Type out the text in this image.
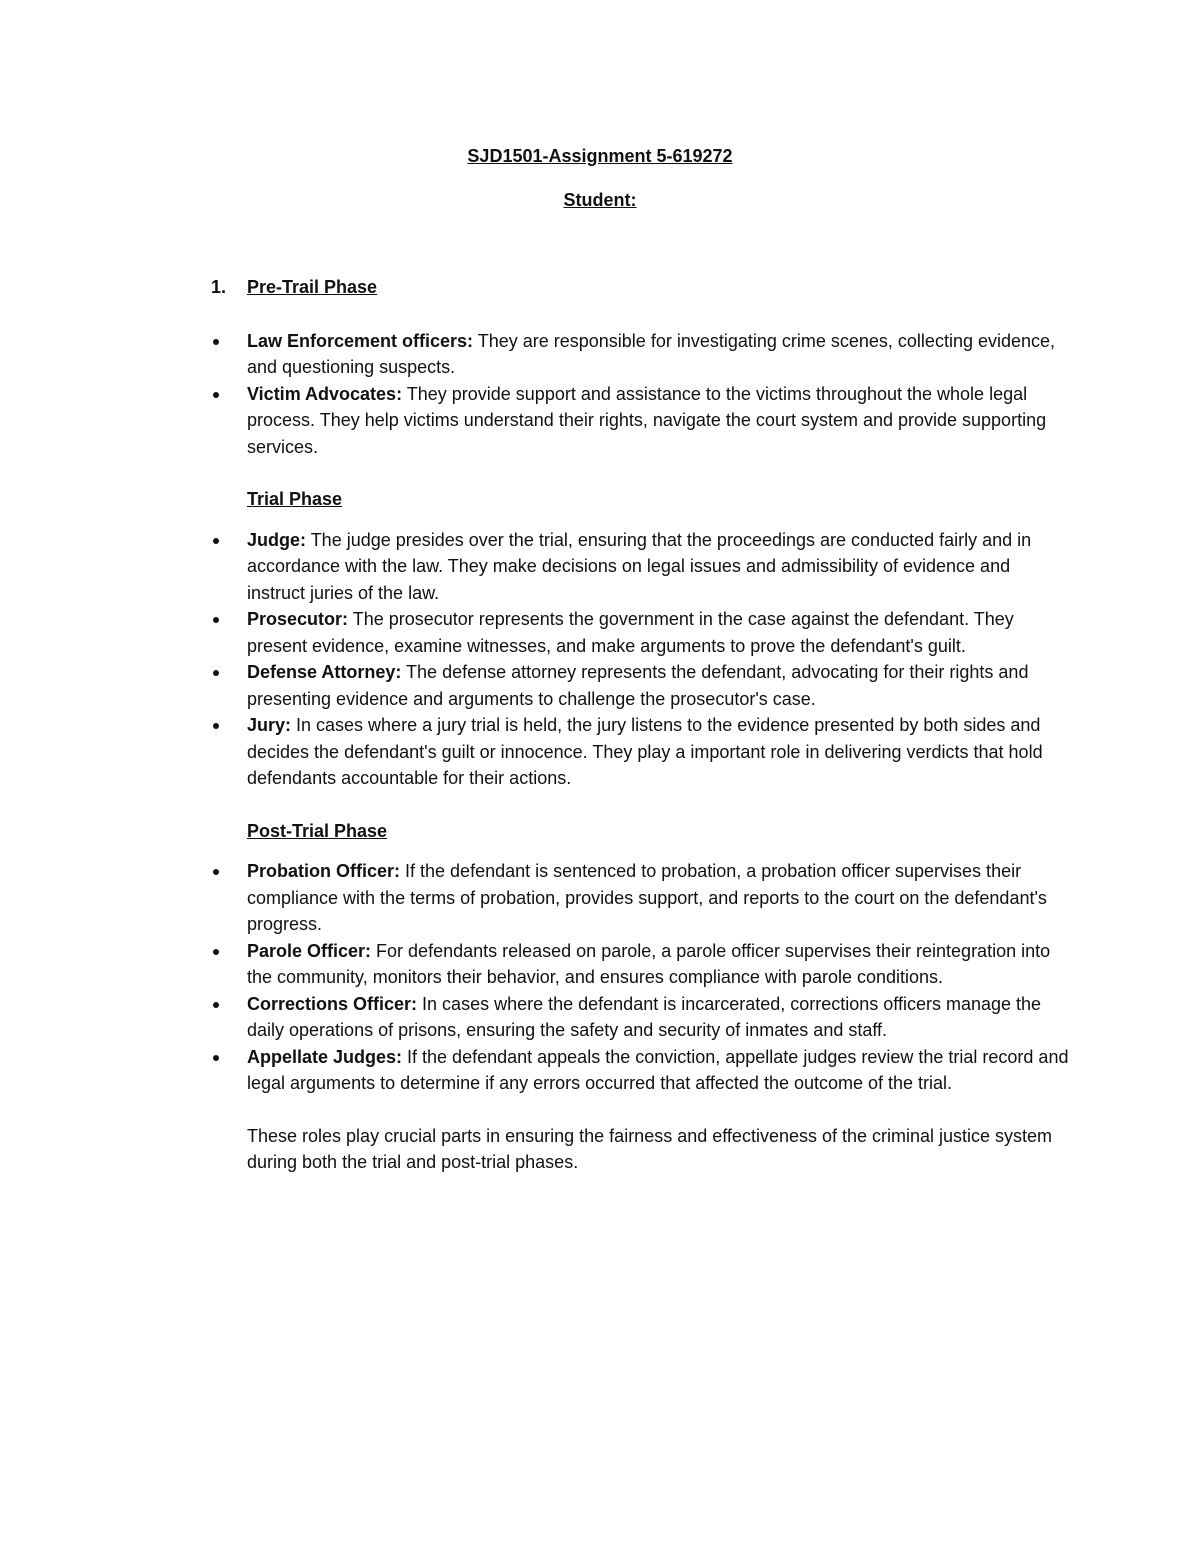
SJD1501-Assignment 5-619272
Student:
1.	Pre-Trail Phase
Law Enforcement officers: They are responsible for investigating crime scenes, collecting evidence, and questioning suspects.
Victim Advocates: They provide support and assistance to the victims throughout the whole legal process. They help victims understand their rights, navigate the court system and provide supporting services.
Trial Phase
Judge: The judge presides over the trial, ensuring that the proceedings are conducted fairly and in accordance with the law. They make decisions on legal issues and admissibility of evidence and instruct juries of the law.
Prosecutor: The prosecutor represents the government in the case against the defendant. They present evidence, examine witnesses, and make arguments to prove the defendant's guilt.
Defense Attorney: The defense attorney represents the defendant, advocating for their rights and presenting evidence and arguments to challenge the prosecutor's case.
Jury: In cases where a jury trial is held, the jury listens to the evidence presented by both sides and decides the defendant's guilt or innocence. They play a important role in delivering verdicts that hold defendants accountable for their actions.
Post-Trial Phase
Probation Officer: If the defendant is sentenced to probation, a probation officer supervises their compliance with the terms of probation, provides support, and reports to the court on the defendant's progress.
Parole Officer: For defendants released on parole, a parole officer supervises their reintegration into the community, monitors their behavior, and ensures compliance with parole conditions.
Corrections Officer: In cases where the defendant is incarcerated, corrections officers manage the daily operations of prisons, ensuring the safety and security of inmates and staff.
Appellate Judges: If the defendant appeals the conviction, appellate judges review the trial record and legal arguments to determine if any errors occurred that affected the outcome of the trial.
These roles play crucial parts in ensuring the fairness and effectiveness of the criminal justice system during both the trial and post-trial phases.
